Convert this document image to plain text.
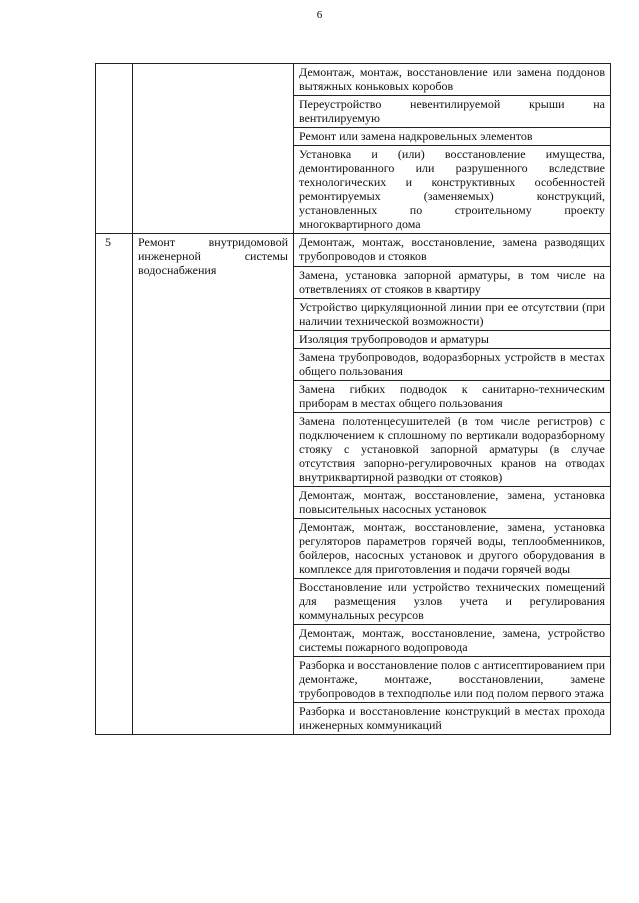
6
		Демонтаж, монтаж, восстановление или замена поддонов вытяжных коньковых коробов
		Переустройство невентилируемой крыши на вентилируемую
		Ремонт или замена надкровельных элементов
		Установка и (или) восстановление имущества, демонтированного или разрушенного вследствие технологических и конструктивных особенностей ремонтируемых (заменяемых) конструкций, установленных по строительному проекту многоквартирного дома
5	Ремонт внутридомовой инженерной системы водоснабжения	Демонтаж, монтаж, восстановление, замена разводящих трубопроводов и стояков
		Замена, установка запорной арматуры, в том числе на ответвлениях от стояков в квартиру
		Устройство циркуляционной линии при ее отсутствии (при наличии технической возможности)
		Изоляция трубопроводов и арматуры
		Замена трубопроводов, водоразборных устройств в местах общего пользования
		Замена гибких подводок к санитарно-техническим приборам в местах общего пользования
		Замена полотенцесушителей (в том числе регистров) с подключением к сплошному по вертикали водоразборному стояку с установкой запорной арматуры (в случае отсутствия запорно-регулировочных кранов на отводах внутриквартирной разводки от стояков)
		Демонтаж, монтаж, восстановление, замена, установка повысительных насосных установок
		Демонтаж, монтаж, восстановление, замена, установка регуляторов параметров горячей воды, теплообменников, бойлеров, насосных установок и другого оборудования в комплексе для приготовления и подачи горячей воды
		Восстановление или устройство технических помещений для размещения узлов учета и регулирования коммунальных ресурсов
		Демонтаж, монтаж, восстановление, замена, устройство системы пожарного водопровода
		Разборка и восстановление полов с антисептированием при демонтаже, монтаже, восстановлении, замене трубопроводов в техподполье или под полом первого этажа
		Разборка и восстановление конструкций в местах прохода инженерных коммуникаций
